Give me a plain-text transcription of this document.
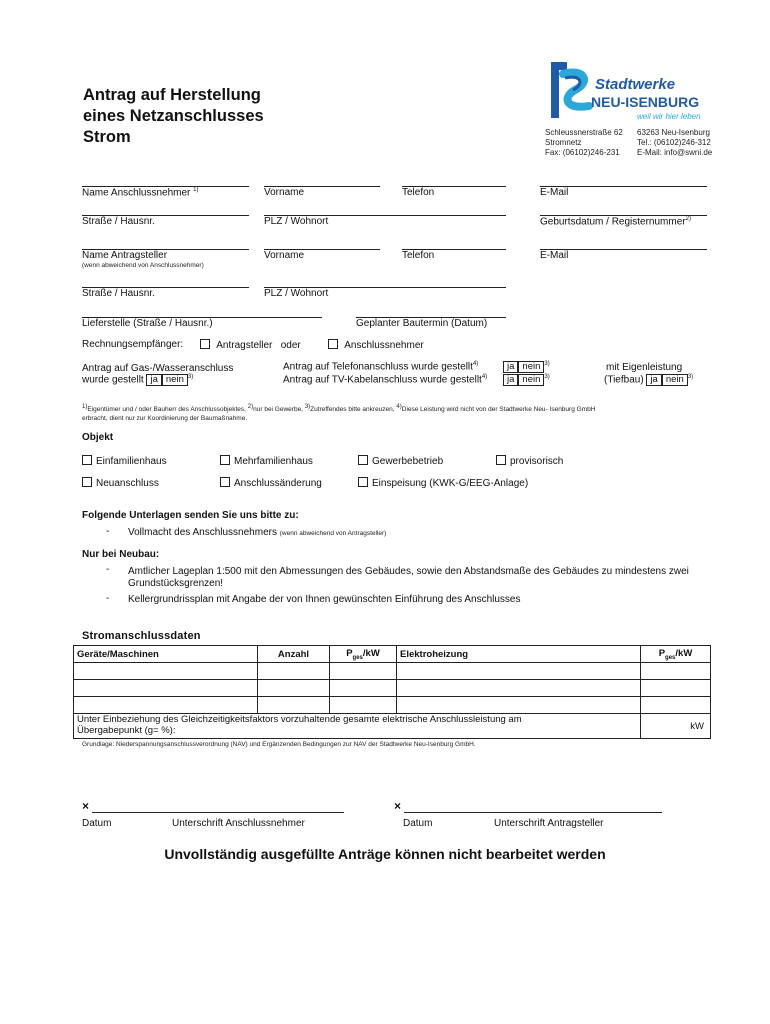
Antrag auf Herstellung
eines Netzanschlusses
Strom
Stadtwerke
NEU-ISENBURG
weil wir hier leben
Schleussnerstraße 62
Stromnetz
Fax: (06102)246-231
63263 Neu-Isenburg
Tel.: (06102)246-312
E-Mail: info@swni.de
Name Anschlussnehmer $^{1)}$	Vorname	Telefon	E-Mail
Straße / Hausnr.	PLZ / Wohnort	Geburtsdatum / Registernummer$^{2)}$
Name Antragsteller	Vorname	Telefon	E-Mail
(wenn abweichend von Anschlussnehmer)
Straße / Hausnr.	PLZ / Wohnort
Lieferstelle (Straße / Hausnr.)	Geplanter Bautermin (Datum)
Rechnungsempfänger:	Antragsteller oder	Anschlussnehmer
Antrag auf Gas-/Wasseranschluss
wurde gestellt ja nein $^{3)}$
Antrag auf Telefonanschluss wurde gestellt$^{4)}$
Antrag auf TV-Kabelanschluss wurde gestellt$^{4)}$
ja nein $^{3)}$
ja nein $^{3)}$
mit Eigenleistung
(Tiefbau) ja nein $^{3)}$
1)Eigentümer und / oder Bauherr des Anschlussobjektes, 2)nur bei Gewerbe, 3)Zutreffendes bitte ankreuzen, 4)Diese Leistung wird nicht von der Stadtwerke Neu- Isenburg GmbH
erbracht, dient nur zur Koordinierung der Baumaßnahme.
Objekt
Einfamilienhaus	Mehrfamilienhaus	Gewerbebetrieb	provisorisch
Neuanschluss	Anschlussänderung	Einspeisung (KWK-G/EEG-Anlage)
Folgende Unterlagen senden Sie uns bitte zu:
- Vollmacht des Anschlussnehmers (wenn abweichend von Antragsteller)
Nur bei Neubau:
- Amtlicher Lageplan 1:500 mit den Abmessungen des Gebäudes, sowie den Abstandsmaße des Gebäudes zu mindestens zwei
Grundstücksgrenzen!
- Kellergrundrissplan mit Angabe der von Ihnen gewünschten Einführung des Anschlusses
Stromanschlussdaten
Geräte/Maschinen	Anzahl	$P_{ges}/kW$	Elektroheizung	$P_{ges}/kW$

Unter Einbeziehung des Gleichzeitigkeitsfaktors vorzuhaltende gesamte elektrische Anschlussleistung am
Übergabepunkt (g= %):				kW
Grundlage: Niederspannungsanschlussverordnung (NAV) und Ergänzenden Bedingungen zur NAV der Stadtwerke Neu-Isenburg GmbH.
×	×
Datum	Unterschrift Anschlussnehmer	Datum	Unterschrift Antragsteller
Unvollständig ausgefüllte Anträge können nicht bearbeitet werden
